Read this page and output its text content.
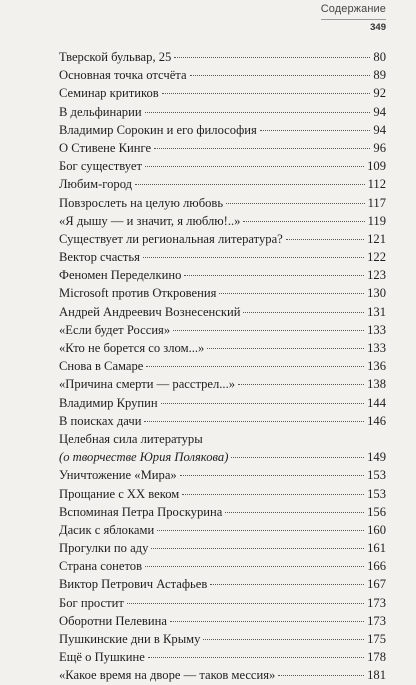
Содержание
349
Тверской бульвар, 25	80
Основная точка отсчёта	89
Семинар критиков	92
В дельфинарии	94
Владимир Сорокин и его философия	94
О Стивене Кинге	96
Бог существует	109
Любим-город	112
Повзрослеть на целую любовь	117
«Я дышу — и значит, я люблю!..»	119
Существует ли региональная литература?	121
Вектор счастья	122
Феномен Переделкино	123
Microsoft против Откровения	130
Андрей Андреевич Вознесенский	131
«Если будет Россия»	133
«Кто не борется со злом...»	133
Снова в Самаре	136
«Причина смерти — расстрел...»	138
Владимир Крупин	144
В поисках дачи	146
Целебная сила литературы
(о творчестве Юрия Полякова)	149
Уничтожение «Мира»	153
Прощание с XX веком	153
Вспоминая Петра Проскурина	156
Дасик с яблоками	160
Прогулки по аду	161
Страна сонетов	166
Виктор Петрович Астафьев	167
Бог простит	173
Оборотни Пелевина	173
Пушкинские дни в Крыму	175
Ещё о Пушкине	178
«Какое время на дворе — таков мессия»	181
